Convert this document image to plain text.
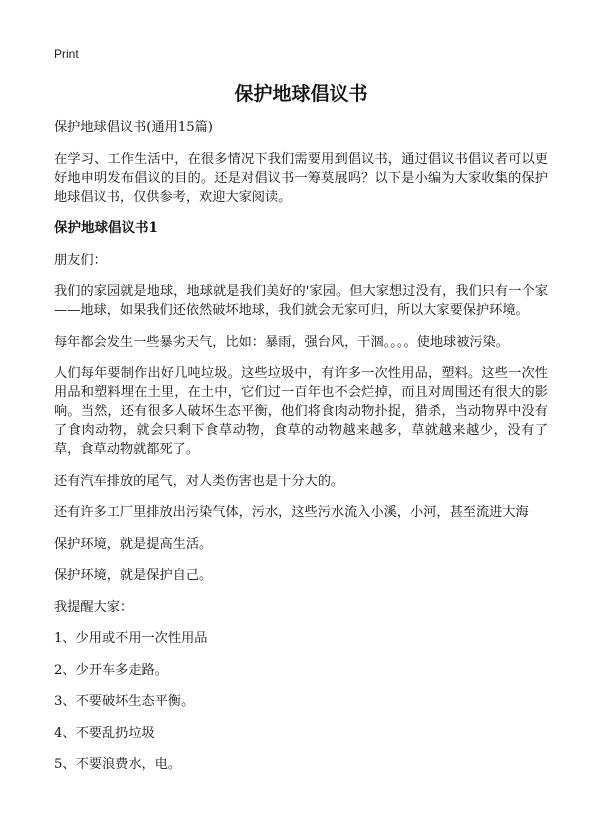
Print
保护地球倡议书
保护地球倡议书(通用15篇)
在学习、工作生活中，在很多情况下我们需要用到倡议书，通过倡议书倡议者可以更好地申明发布倡议的目的。还是对倡议书一筹莫展吗？以下是小编为大家收集的保护地球倡议书，仅供参考，欢迎大家阅读。
保护地球倡议书1
朋友们：
我们的家园就是地球，地球就是我们美好的'家园。但大家想过没有，我们只有一个家——地球，如果我们还依然破坏地球，我们就会无家可归，所以大家要保护环境。
每年都会发生一些暴劣天气，比如：暴雨，强台风，干涸。。。。使地球被污染。
人们每年要制作出好几吨垃圾。这些垃圾中，有许多一次性用品，塑料。这些一次性用品和塑料埋在土里，在土中，它们过一百年也不会烂掉，而且对周围还有很大的影响。当然，还有很多人破坏生态平衡，他们将食肉动物扑捉，猎杀，当动物界中没有了食肉动物，就会只剩下食草动物，食草的动物越来越多，草就越来越少，没有了草，食草动物就都死了。
还有汽车排放的尾气，对人类伤害也是十分大的。
还有许多工厂里排放出污染气体，污水，这些污水流入小溪，小河，甚至流进大海
保护环境，就是提高生活。
保护环境，就是保护自己。
我提醒大家：
1、少用或不用一次性用品
2、少开车多走路。
3、不要破坏生态平衡。
4、不要乱扔垃圾
5、不要浪费水，电。
